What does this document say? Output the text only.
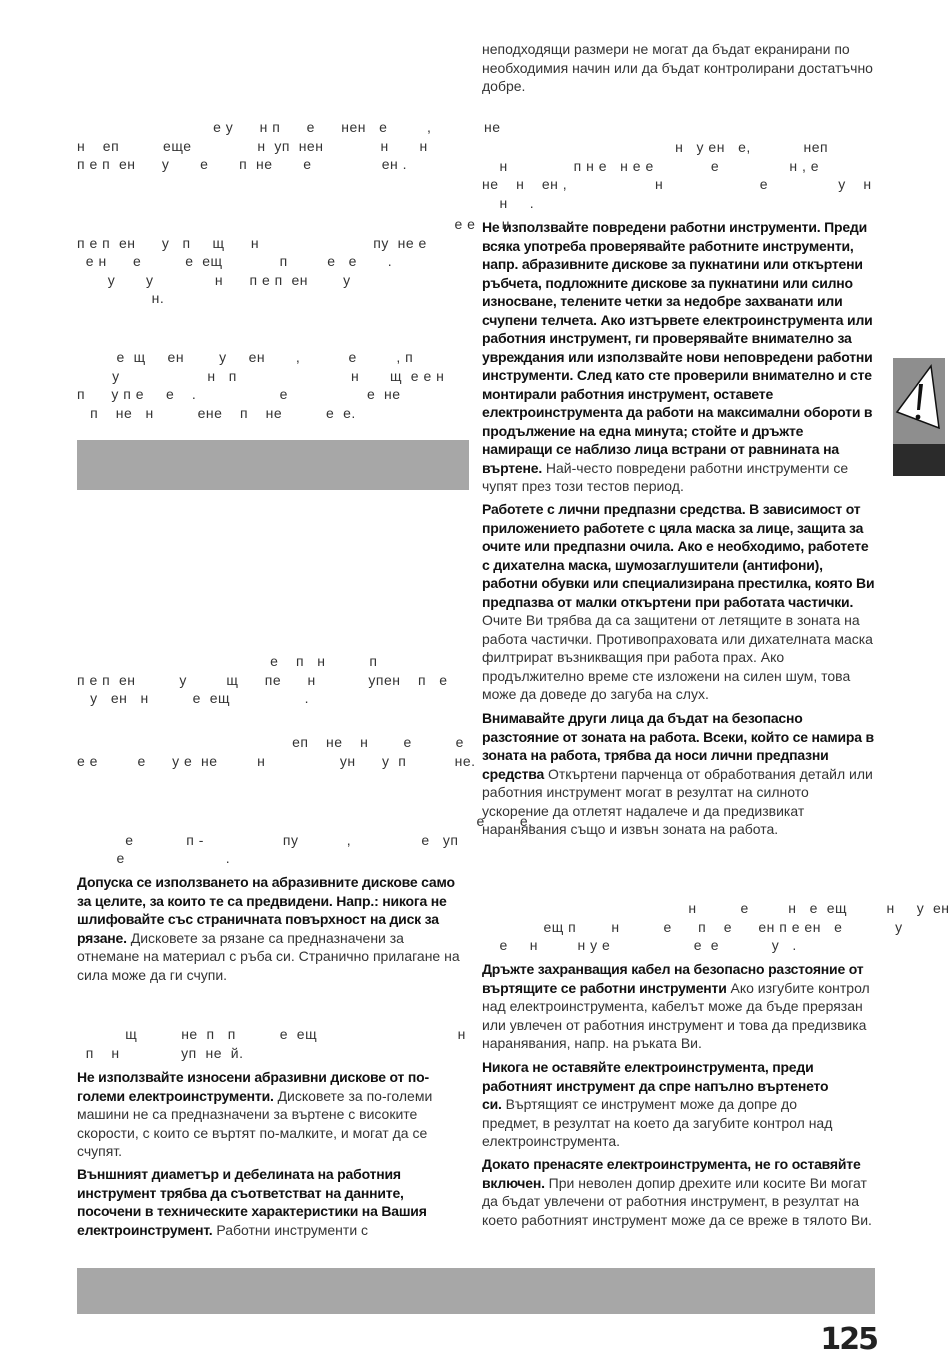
е у      н п      е      нен   е         ,            не
н    еп          еще               н  уп  нен             н       н
п е п  ен      у       е       п  не       е                ен .
е е      н
п е п  ен      у   п     щ      н                          пу  не е
е н      е          е  ещ             п         е   е       .
у       у              н      п е п  ен        у
н.
е  щ     ен        у     ен       ,           е         , п
у                    н   п                          н       щ  е е н
п      у п е     е    .                   е                  е  не
п    не   н          ене    п    не          е  е.
е    п   н          п
п е п  ен          у         щ      пе      н            упен    п   е
у   ен   н          е  ещ                 .
еп    не    н        е          е
е е         е      у е  не         н                 ун      у  п           не.
е        е,
е            п -                  пу           ,                е   уп
е                       .

Допуска се използването на абразивните дискове само за целите, за които те са предвидени. Напр.: никога не шлифовайте със страничната повърхност на диск за рязане. Дисковете за рязане са предназначени за отнемане на материал с ръба си. Странично прилагане на сила може да ги счупи.

щ          не  п   п          е  ещ                                н
п    н              уп  не  й.

Не използвайте износени абразивни дискове от по-големи електроинструменти. Дисковете за по-големи машини не са предназначени за въртене с високите скорости, с които се въртят по-малките, и могат да се счупят.

Външният диаметър и дебелината на работния инструмент трябва да съответстват на данните, посочени в техническите характеристики на Вашия електроинструмент. Работни инструменти с

неподходящи размери не могат да бъдат екранирани по необходимия начин или да бъдат контролирани достатъчно добре.

н   у ен   е,            неп
н               п н е   н е е             е                н , е
не    н    ен ,                    н                      е                у    н
н     .

Не използвайте повредени работни инструменти. Преди всяка употреба проверявайте работните инструменти, напр. абразивните дискове за пукнатини или откъртени ръбчета, подложните дискове за пукнатини или силно износване, телените четки за недобре захванати или счупени телчета. Ако изтървете електроинструмента или работния инструмент, ги проверявайте внимателно за увреждания или използвайте нови неповредени работни инструменти. След като сте проверили внимателно и сте монтирали работния инструмент, оставете електроинструмента да работи на максимални обороти в продължение на една минута; стойте и дръжте намиращи се наблизо лица встрани от равнината на въртене. Най-често повредени работни инструменти се чупят през този тестов период.

Работете с лични предпазни средства. В зависимост от приложението работете с цяла маска за лице, защита за очите или предпазни очила. Ако е необходимо, работете с дихателна маска, шумозаглушители (антифони), работни обувки или специализирана престилка, която Ви предпазва от малки откъртени при работата частички. Очите Ви трябва да са защитени от летящите в зоната на работа частички. Противопраховата или дихателната маска филтрират възникващия при работа прах. Ако продължително време сте изложени на силен шум, това може да доведе до загуба на слух.

Внимавайте други лица да бъдат на безопасно разстояние от зоната на работа. Всеки, който се намира в зоната на работа, трябва да носи лични предпазни средства Откъртени парченца от обработвания детайл или работния инструмент могат в резултат на силното ускорение да отлетят надалече и да предизвикат наранявания също и извън зоната на работа.

н          е         н   е  ещ         н     у  ен
ещ п        н          е      п    е      ен п е ен   е            у
е     н         н у е                   е  е            у   .

Дръжте захранващия кабел на безопасно разстояние от въртящите се работни инструменти Ако изгубите контрол над електроинструмента, кабелът може да бъде прерязан или увлечен от работния инструмент и това да предизвика наранявания, напр. на ръката Ви.

Никога не оставяйте електроинструмента, преди работният инструмент да спре напълно въртенето си. Въртящият се инструмент може да допре до предмет, в резултат на което да загубите контрол над електроинструмента.

Докато пренасяте електроинструмента, не го оставяйте включен. При неволен допир дрехите или косите Ви могат да бъдат увлечени от работния инструмент, в резултат на което работният инструмент може да се вреже в тялото Ви.

125
